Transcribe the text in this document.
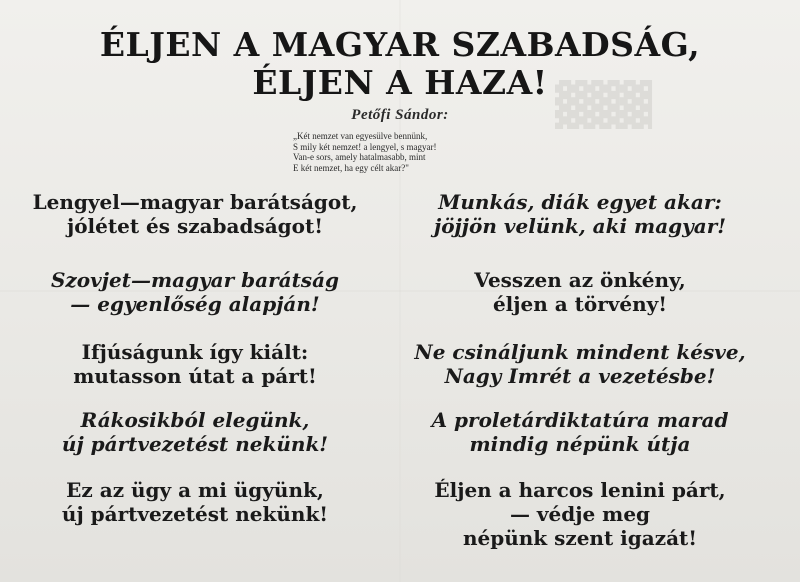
▓▓▓
ÉLJEN A MAGYAR SZABADSÁG,
ÉLJEN A HAZA!
Petőfi Sándor:
„Két nemzet van egyesülve bennünk,
S mily két nemzet! a lengyel, s magyar!
Van-e sors, amely hatalmasabb, mint
E két nemzet, ha egy célt akar?"
Lengyel—magyar barátságot,
jólétet és szabadságot!
Szovjet—magyar barátság
— egyenlőség alapján!
Ifjúságunk így kiált:
mutasson útat a párt!
Rákosikból elegünk,
új pártvezetést nekünk!
Ez az ügy a mi ügyünk,
új pártvezetést nekünk!
Munkás, diák egyet akar:
jöjjön velünk, aki magyar!
Vesszen az önkény,
éljen a törvény!
Ne csináljunk mindent késve,
Nagy Imrét a vezetésbe!
A proletárdiktatúra marad
mindig népünk útja
Éljen a harcos lenini párt,
— védje meg
népünk szent igazát!
